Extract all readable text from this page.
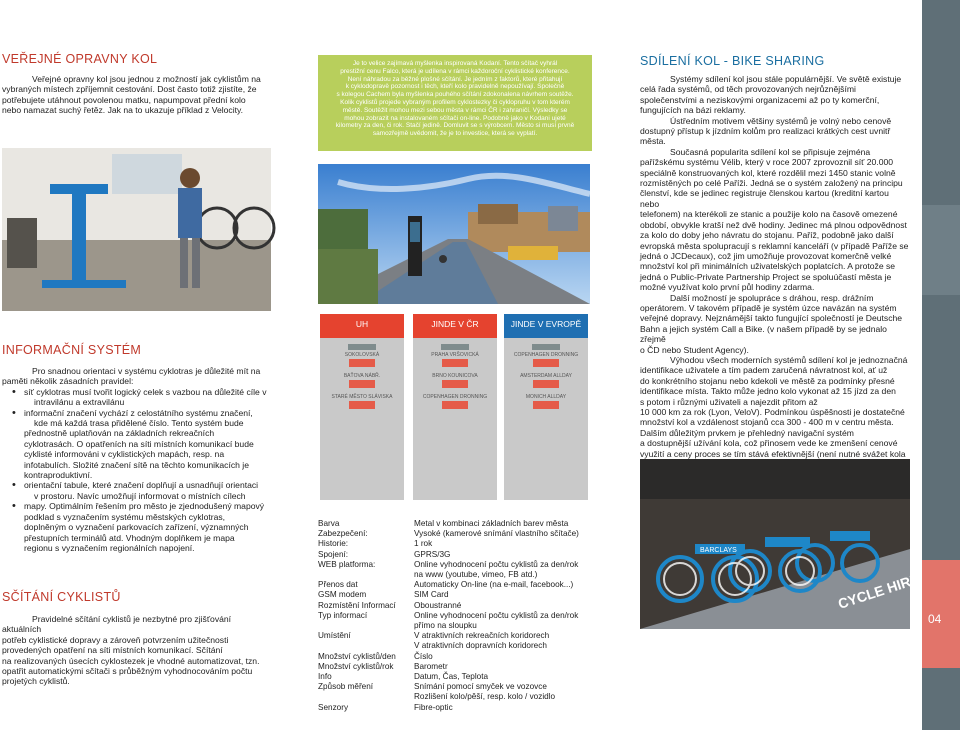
VEŘEJNÉ OPRAVNY KOL

Veřejné opravny kol jsou jednou z možností jak cyklistům na

vybraných místech zpříjemnit cestování. Dost často totiž zjistíte, že

potřebujete utáhnout povolenou matku, napumpovat přední kolo

nebo namazat suchý řetěz. Jak na to ukazuje příklad z Velocity.

INFORMAČNÍ SYSTÉM

Pro snadnou orientaci v systému cyklotras je důležité mít na

paměti několik zásadních pravidel:

• síť cyklotras musí tvořit logický celek s vazbou na důležité cíle v
intravilánu a extravilánu
• informační značení vychází z celostátního systému značení,
kde má každá trasa přidělené číslo. Tento systém bude
přednostně uplatňován na základních rekreačních
cyklotrasách. O opatřeních na síti místních komunikací bude
cyklisté informováni v cyklistických mapách, resp. na
infotabulích. Složité značení sítě na těchto komunikacích je
kontraproduktivní.
• orientační tabule, které značení doplňují a usnadňují orientaci
v prostoru. Navíc umožňují informovat o místních cílech
• mapy. Optimálním řešením pro město je zjednodušený mapový
podklad s vyznačením systému městských cyklotras,
doplněným o vyznačení parkovacích zařízení, významných
přestupních terminálů atd. Vhodným doplňkem je mapa
regionu s vyznačením regionálních napojení.
SČÍTÁNÍ CYKLISTŮ

Pravidelné sčítání cyklistů je nezbytné pro zjišťování aktuálních

potřeb cyklistické dopravy a zároveň potvrzením užitečnosti

provedených opatření na síti místních komunikací. Sčítání

na realizovaných úsecích cyklostezek je vhodné automatizovat, tzn.

opatřit automatickými sčítači s průběžným vyhodnocováním počtu

projetých cyklistů.

Je to velice zajímavá myšlenka inspirovaná Kodaní. Tento sčítač vyhrál
prestižní cenu Falco, která je udílena v rámci každoroční cyklistické konference.
Není náhradou za běžné plošné sčítání. Je jedním z faktorů, které přitahují
k cyklodopravě pozornost i těch, kteří kolo pravidelně nepoužívají. Společně
s kolegou Cachem byla myšlenka pouhého sčítání zdokonalena návrhem soutěže.
Kolik cyklistů projede vybraným profilem cyklostezky či cyklopruhu v tom kterém
městě. Soutěžit mohou mezi sebou města v rámci ČR i zahraničí. Výsledky se
mohou zobrazit na instalovaném sčítači on-line. Podobně jako v Kodani ujeté
kilometry za den, či rok. Stačí jedině. Domluvit se s výrobcem. Město si musí prvně
samozřejmě uvědomit, že je to investice, která se vyplatí.
UH
SOKOLOVSKÁ
BAŤOVA NÁBŘ.
STARÉ MĚSTO SLÁVISKA
JINDE V ČR
PRAHA VRŠOVICKÁ
BRNO KOUNICOVA
COPENHAGEN DRONNING
JINDE V EVROPĚ
COPENHAGEN DRONNING
AMSTERDAM ALLDAY
MONICH ALLDAY
Barva	Metal v kombinaci základních barev města
Zabezpečení:	Vysoké (kamerové snímání vlastního sčítače)
Historie:	1 rok
Spojení:	GPRS/3G
WEB platforma:	Online vyhodnocení počtu cyklistů za den/rok
na www (youtube, vimeo, FB atd.)
Přenos dat	Automaticky On-line (na e-mail, facebook...)
GSM modem	SIM Card
Rozmístění Informací	Oboustranné
Typ informací	Online vyhodnocení počtu cyklistů za den/rok
přímo na sloupku
Umístění	V atraktivních rekreačních koridorech
V atraktivních dopravních koridorech
Množství cyklistů/den	Číslo
Množství cyklistů/rok	Barometr
Info	Datum, Čas, Teplota
Způsob měření	Snímání pomocí smyček ve vozovce
Rozlišení kolo/pěší, resp. kolo / vozidlo
Senzory	Fibre-optic
SDÍLENÍ KOL - BIKE SHARING
Systémy sdílení kol jsou stále populárnější. Ve světě existuje
celá řada systémů, od těch provozovaných nejrůznějšími
společenstvími a neziskovými organizacemi až po ty komerční,
fungujících na bázi reklamy.
Ústředním motivem většiny systémů je volný nebo cenově
dostupný přístup k jízdním kolům pro realizaci krátkých cest uvnitř
města.
Současná popularita sdílení kol se připisuje zejména
pařížskému systému Vélib, který v roce 2007 zprovoznil síť 20.000
speciálně konstruovaných kol, které rozdělil mezi 1450 stanic volně
rozmístěných po celé Paříži. Jedná se o systém založený na principu
členství, kde se jedinec registruje členskou kartou (kreditní kartou nebo
telefonem) na kterékoli ze stanic a použije kolo na časově omezené
období, obvykle kratší než dvě hodiny. Jedinec má plnou odpovědnost
za kolo do doby jeho návratu do stojanu. Paříž, podobně jako další
evropská města spolupracují s reklamní kanceláří (v případě Paříže se
jedná o JCDecaux), což jim umožňuje provozovat komerčně velké
množství kol při minimálních uživatelských poplatcích. A protože se
jedná o Public-Private Partnership Project se spoluúčastí města je
možné využívat kolo první půl hodiny zdarma.
Další možností je spolupráce s dráhou, resp. drážním
operátorem. V takovém případě je systém úzce navázán na systém
veřejné dopravy. Nejznámější takto fungující společností je Deutsche
Bahn a jejich systém Call a Bike. (v našem případě by se jednalo zřejmě
o ČD nebo Student Agency).
Výhodou všech moderních systémů sdílení kol je jednoznačná
identifikace uživatele a tím padem zaručená návratnost kol, ať už
do konkrétního stojanu nebo kdekoli ve městě za podmínky přesné
identifikace místa. Takto může jedno kolo vykonat až 15 jízd za den
s potom i různými uživateli a najezdit přitom až
10 000 km za rok (Lyon, VeloV). Podmínkou úspěšnosti je dostatečné
množství kol a vzdálenost stojanů cca 300 - 400 m v centru města.
Dalším důležitým prvkem je přehledný navigační systém
a dostupnější užívání kola, což přinosem vede ke zmenšení cenové
využití a ceny proces se tím stává efektivnější (není nutné svážet kola
BARCLAYS
CYCLE HIRE
04
